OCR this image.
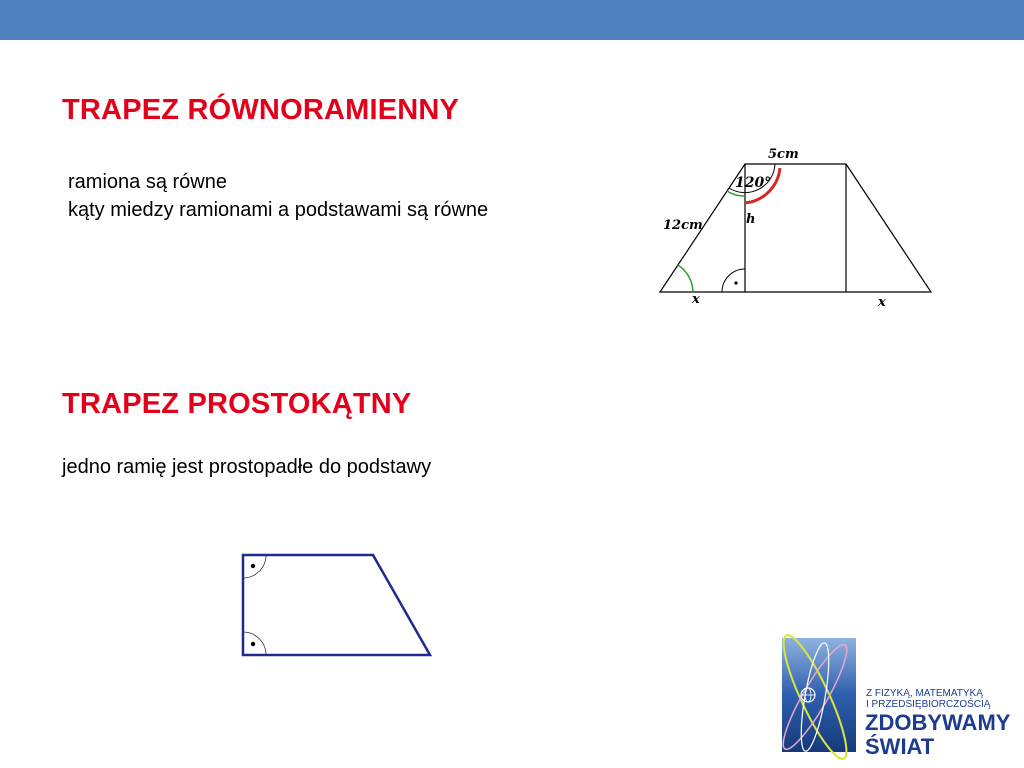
TRAPEZ RÓWNORAMIENNY
ramiona są równe
kąty miedzy ramionami a podstawami są równe
5cm
120°
12cm	h
x	x
TRAPEZ PROSTOKĄTNY
jedno ramię jest prostopadłe do podstawy
Z FIZYKĄ, MATEMATYKĄ
I PRZEDSIĘBIORCZOŚCIĄ
ZDOBYWAMY
ŚWIAT
